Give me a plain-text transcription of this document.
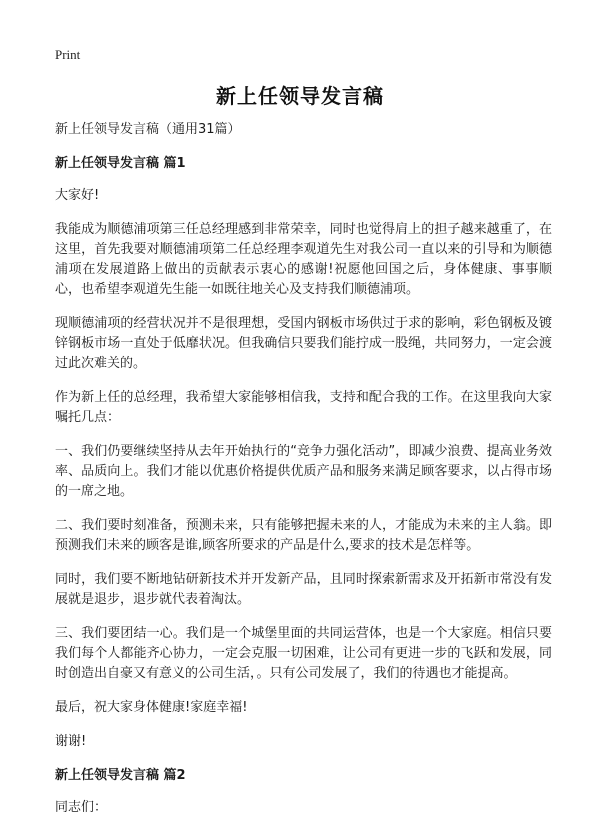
Print
新上任领导发言稿

新上任领导发言稿（通用31篇）

新上任领导发言稿 篇1

大家好!

我能成为顺德浦项第三任总经理感到非常荣幸，同时也觉得肩上的担子越来越重了，在这里，首先我要对顺德浦项第二任总经理李观道先生对我公司一直以来的引导和为顺德浦项在发展道路上做出的贡献表示衷心的感谢!祝愿他回国之后，身体健康、事事顺心，也希望李观道先生能一如既往地关心及支持我们顺德浦项。

现顺德浦项的经营状况并不是很理想，受国内钢板市场供过于求的影响，彩色钢板及镀锌钢板市场一直处于低靡状况。但我确信只要我们能拧成一股绳，共同努力，一定会渡过此次难关的。

作为新上任的总经理，我希望大家能够相信我，支持和配合我的工作。在这里我向大家嘱托几点：

一、我们仍要继续坚持从去年开始执行的“竞争力强化活动”，即减少浪费、提高业务效率、品质向上。我们才能以优惠价格提供优质产品和服务来满足顾客要求，以占得市场的一席之地。

二、我们要时刻准备，预测未来，只有能够把握未来的人，才能成为未来的主人翁。即预测我们未来的顾客是谁,顾客所要求的产品是什么,要求的技术是怎样等。

同时，我们要不断地钻研新技术并开发新产品，且同时探索新需求及开拓新市常没有发展就是退步，退步就代表着淘汰。

三、我们要团结一心。我们是一个城堡里面的共同运营体，也是一个大家庭。相信只要我们每个人都能齐心协力，一定会克服一切困难，让公司有更进一步的飞跃和发展，同时创造出自豪又有意义的公司生活，。只有公司发展了，我们的待遇也才能提高。

最后，祝大家身体健康!家庭幸福!

谢谢!

新上任领导发言稿 篇2

同志们：
